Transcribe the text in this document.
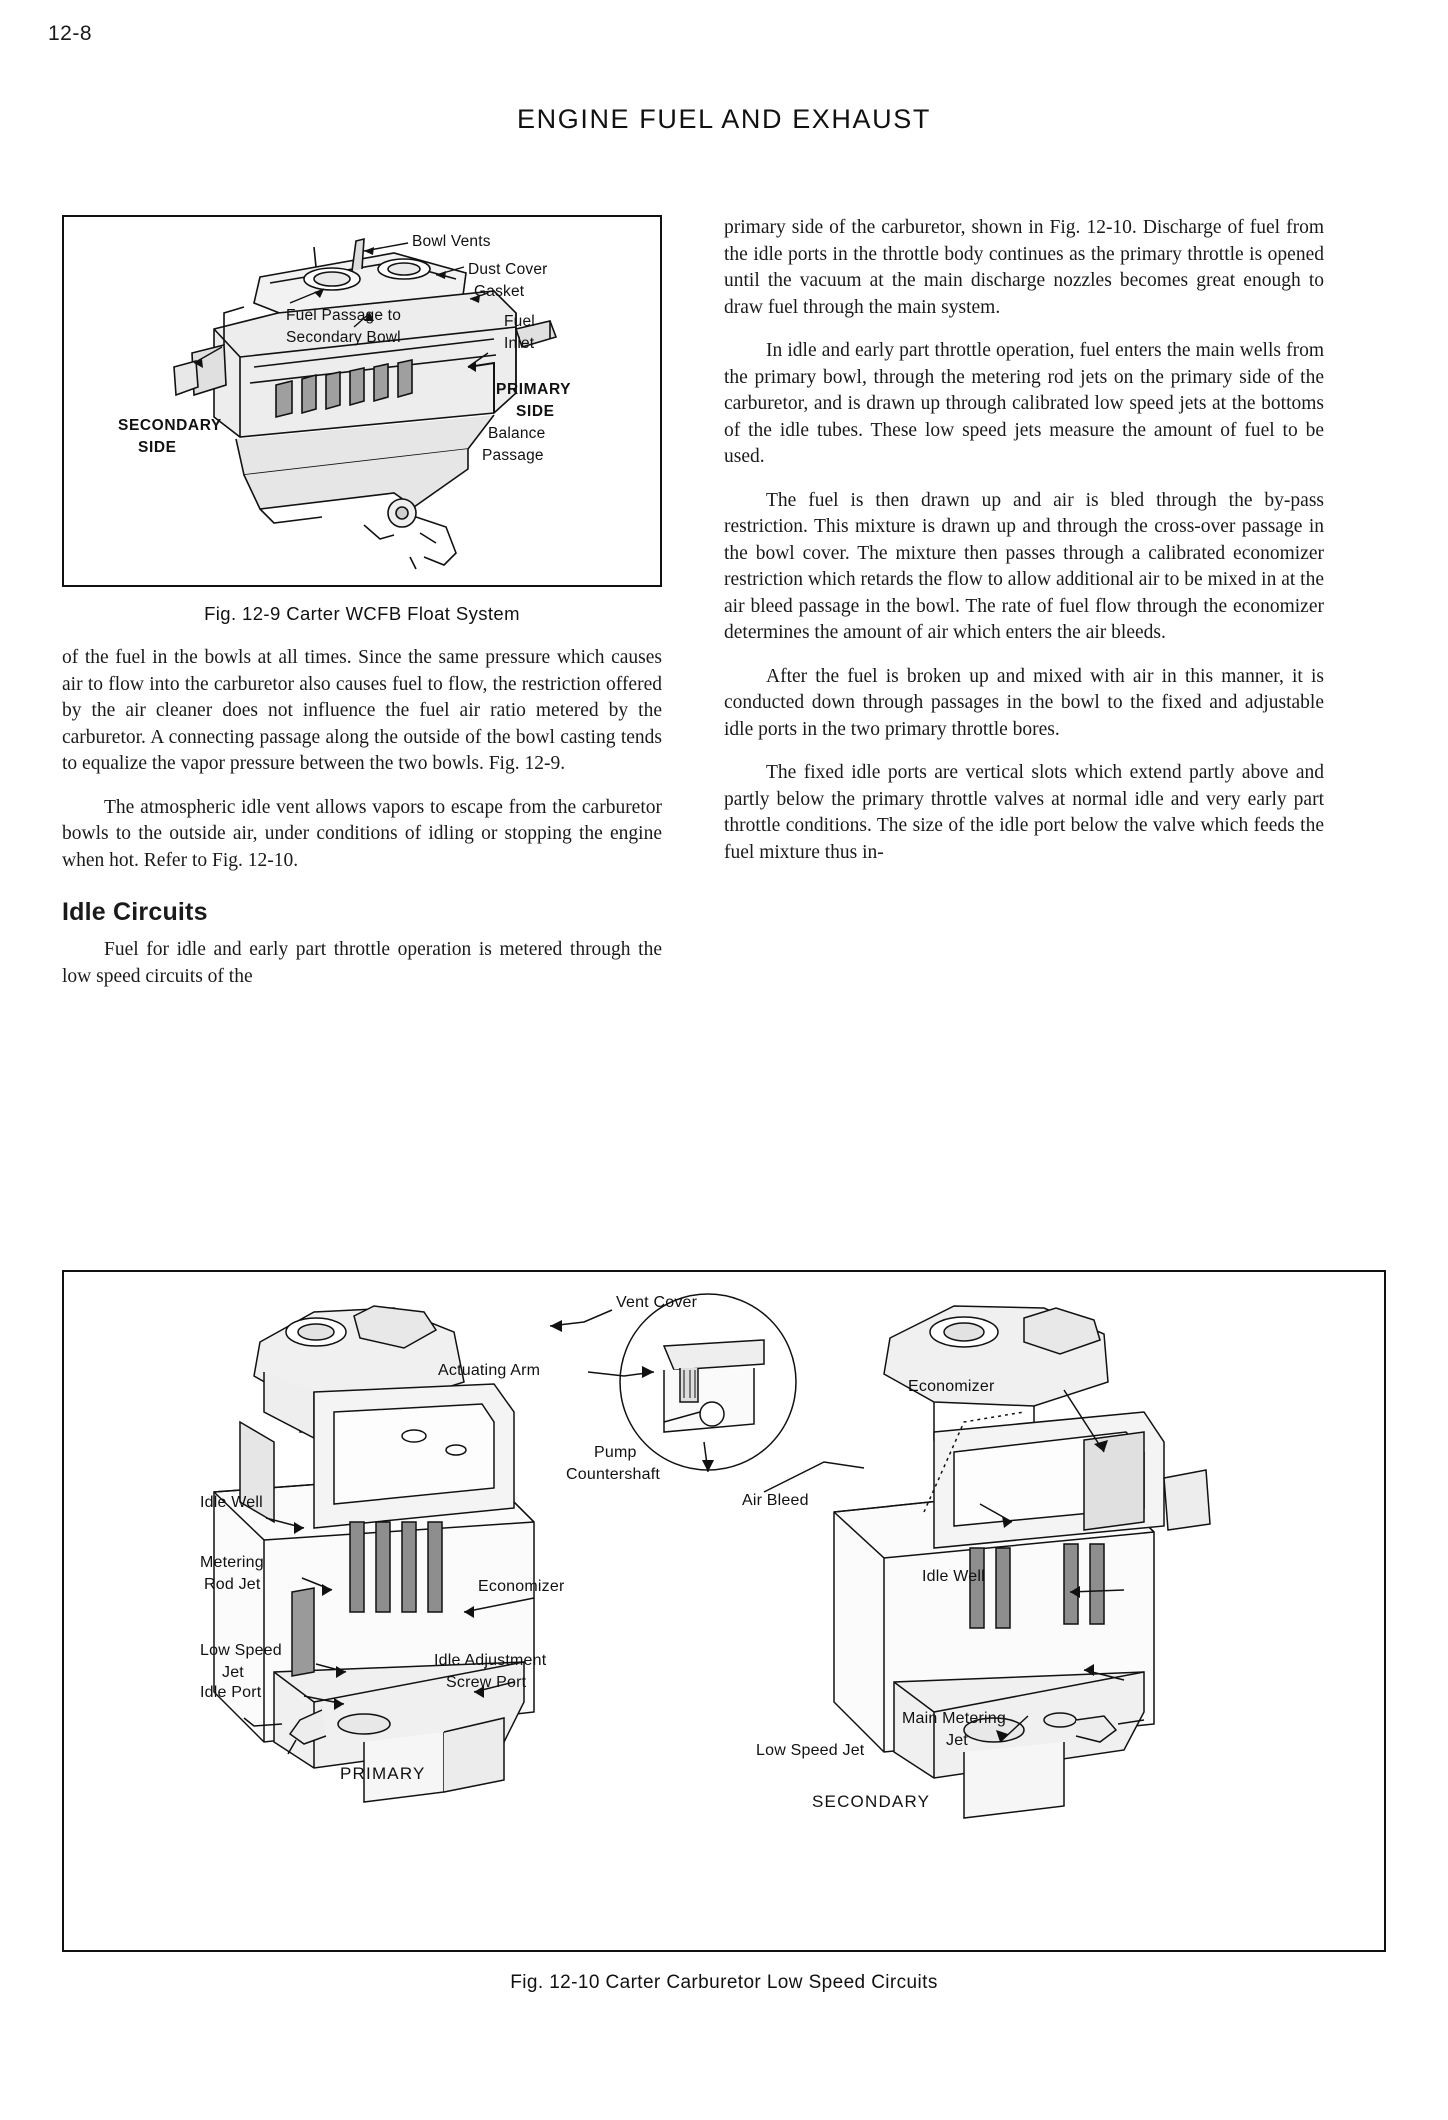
12-8
ENGINE FUEL AND EXHAUST
Bowl Vents
Dust Cover
Gasket
Fuel
Inlet
Fuel Passage to
Secondary Bowl
PRIMARY
SIDE
Balance
Passage
SECONDARY
SIDE
Fig. 12-9 Carter WCFB Float System

of the fuel in the bowls at all times. Since the same pressure which causes air to flow into the carburetor also causes fuel to flow, the restriction offered by the air cleaner does not influence the fuel air ratio metered by the carburetor. A connecting passage along the outside of the bowl casting tends to equalize the vapor pressure between the two bowls. Fig. 12-9.

The atmospheric idle vent allows vapors to escape from the carburetor bowls to the outside air, under conditions of idling or stopping the engine when hot. Refer to Fig. 12-10.

Idle Circuits

Fuel for idle and early part throttle operation is metered through the low speed circuits of the

primary side of the carburetor, shown in Fig. 12-10. Discharge of fuel from the idle ports in the throttle body continues as the primary throttle is opened until the vacuum at the main discharge nozzles becomes great enough to draw fuel through the main system.

In idle and early part throttle operation, fuel enters the main wells from the primary bowl, through the metering rod jets on the primary side of the carburetor, and is drawn up through calibrated low speed jets at the bottoms of the idle tubes. These low speed jets measure the amount of fuel to be used.

The fuel is then drawn up and air is bled through the by-pass restriction. This mixture is drawn up and through the cross-over passage in the bowl cover. The mixture then passes through a calibrated economizer restriction which retards the flow to allow additional air to be mixed in at the air bleed passage in the bowl. The rate of fuel flow through the economizer determines the amount of air which enters the air bleeds.

After the fuel is broken up and mixed with air in this manner, it is conducted down through passages in the bowl to the fixed and adjustable idle ports in the two primary throttle bores.

The fixed idle ports are vertical slots which extend partly above and partly below the primary throttle valves at normal idle and very early part throttle conditions. The size of the idle port below the valve which feeds the fuel mixture thus in-

Vent Cover
Actuating Arm
Pump
Countershaft
Economizer
Air Bleed
Idle Well
Idle Well
Metering
Rod Jet	Economizer
Low Speed
Jet
Idle Port
Idle Adjustment
Screw Port
Low Speed Jet
Main Metering
Jet
PRIMARY
SECONDARY
Fig. 12-10 Carter Carburetor Low Speed Circuits
